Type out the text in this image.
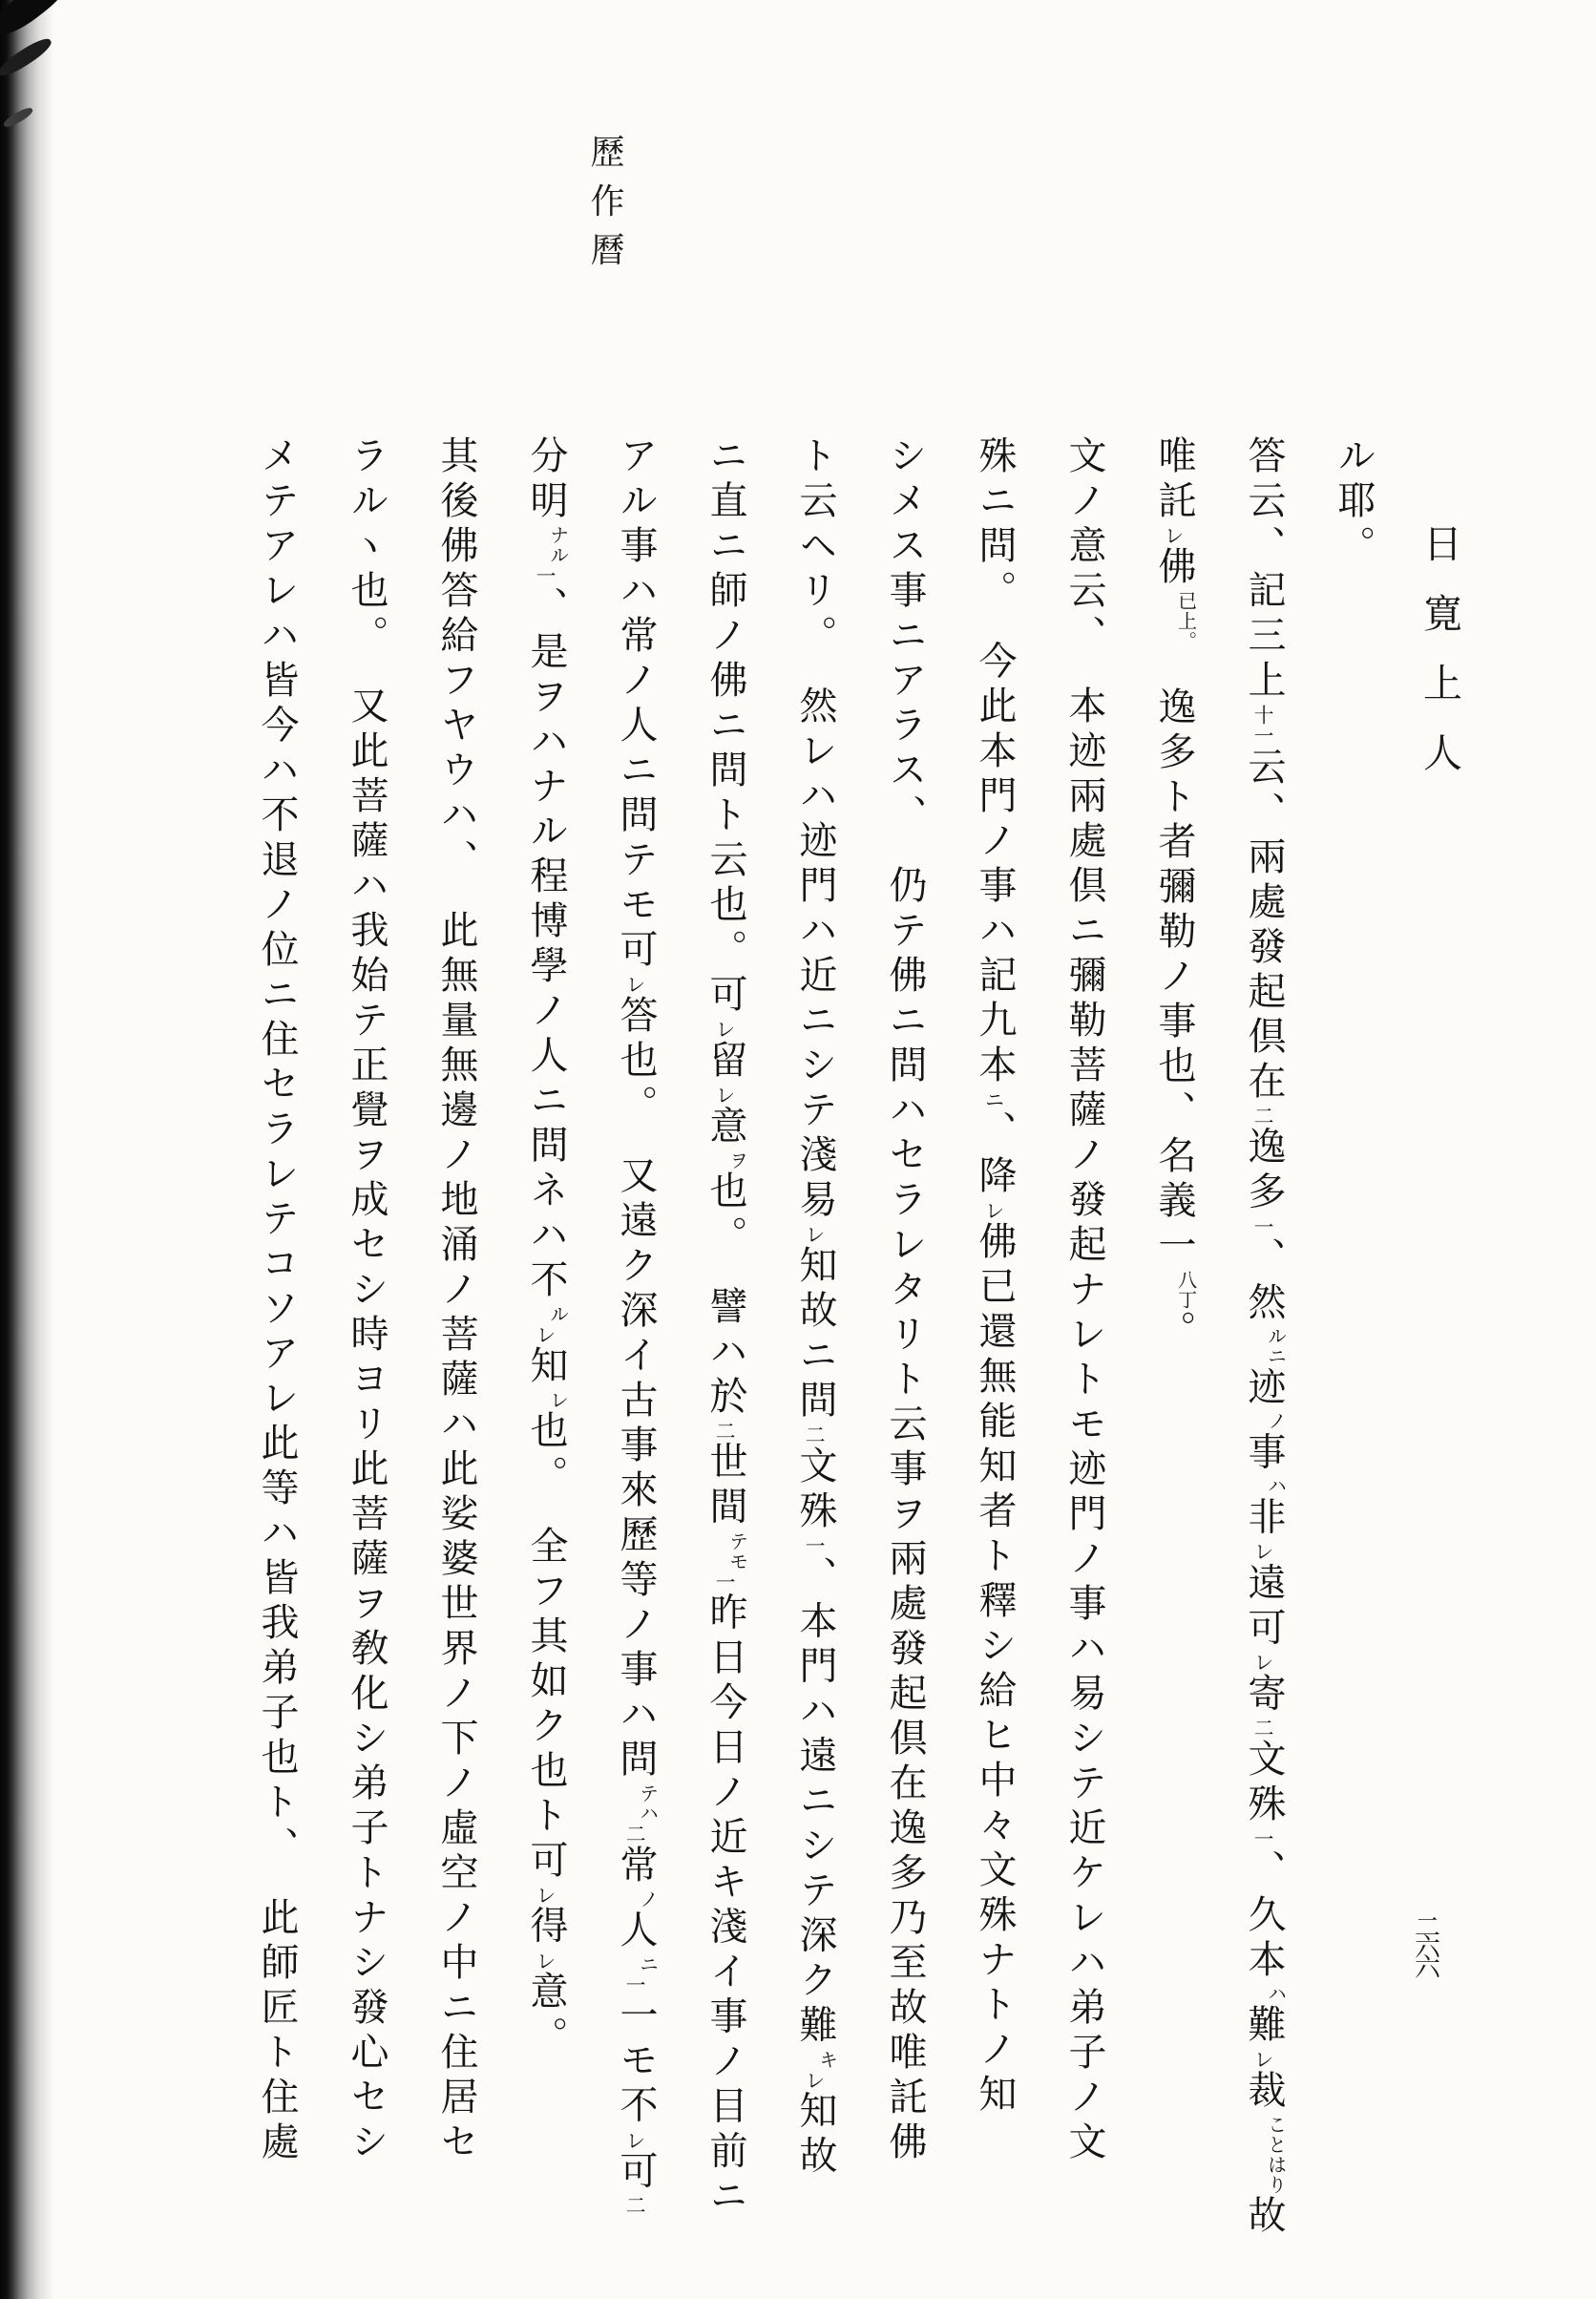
歷作曆
日寛上人
二六六
ル耶。
答云、記三上十一云、兩處發起倶在二逸多一、然ルニ迹ノ事ハ非レ遠可レ寄二文殊一、久本ハ難レ裁ことはり故
唯託レ佛已上。　逸多ト者彌勒ノ事也、名義一八丁。
文ノ意云、　本迹兩處倶ニ彌勒菩薩ノ發起ナレトモ迹門ノ事ハ易シテ近ケレハ弟子ノ文
殊ニ問。　今此本門ノ事ハ記九本ニ、降レ佛已還無能知者ト釋シ給ヒ中々文殊ナトノ知
シメス事ニアラス、　仍テ佛ニ問ハセラレタリト云事ヲ兩處發起倶在逸多乃至故唯託佛
ト云ヘリ。　然レハ迹門ハ近ニシテ淺易レ知故ニ問二文殊一、本門ハ遠ニシテ深ク難キレ知故
ニ直ニ師ノ佛ニ問ト云也。可レ留レ意ヲ也。　譬ハ於二世間テモ一昨日今日ノ近キ淺イ事ノ目前ニ
アル事ハ常ノ人ニ問テモ可レ答也。　又遠ク深イ古事來歷等ノ事ハ問テハ二常ノ人ニ一一モ不レ可二
分明ナル一、是ヲハナル程博學ノ人ニ問ネハ不ルレ知レ也。　全フ其如ク也ト可レ得レ意。
其後佛答給フヤウハ、　此無量無邊ノ地涌ノ菩薩ハ此娑婆世界ノ下ノ虛空ノ中ニ住居セ
ラルヽ也。　又此菩薩ハ我始テ正覺ヲ成セシ時ヨリ此菩薩ヲ敎化シ弟子トナシ發心セシ
メテアレハ皆今ハ不退ノ位ニ住セラレテコソアレ此等ハ皆我弟子也ト、　此師匠ト住處
